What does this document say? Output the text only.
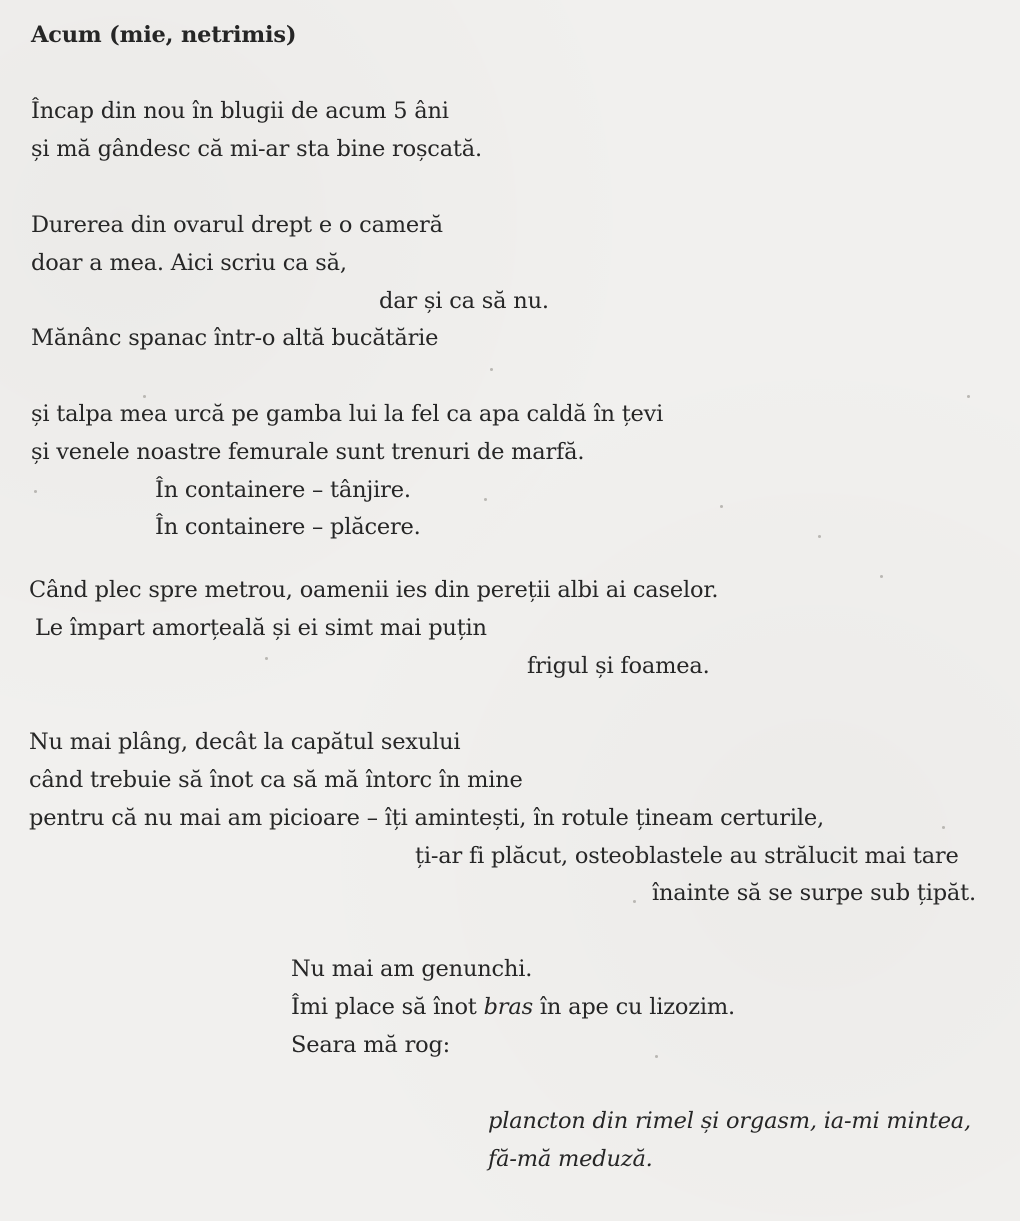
Acum (mie, netrimis)
Încap din nou în blugii de acum 5 âni
și mă gândesc că mi-ar sta bine roșcată.
Durerea din ovarul drept e o cameră
doar a mea. Aici scriu ca să,
dar și ca să nu.
Mănânc spanac într-o altă bucătărie
și talpa mea urcă pe gamba lui la fel ca apa caldă în țevi
și venele noastre femurale sunt trenuri de marfă.
În containere – tânjire.
În containere – plăcere.
Când plec spre metrou, oamenii ies din pereții albi ai caselor.
Le împart amorțeală și ei simt mai puțin
frigul și foamea.
Nu mai plâng, decât la capătul sexului
când trebuie să înot ca să mă întorc în mine
pentru că nu mai am picioare – îți amintești, în rotule țineam certurile,
ți-ar fi plăcut, osteoblastele au strălucit mai tare
înainte să se surpe sub țipăt.
Nu mai am genunchi.
Îmi place să înot bras în ape cu lizozim.
Seara mă rog:
plancton din rimel și orgasm, ia-mi mintea,
fă-mă meduză.
